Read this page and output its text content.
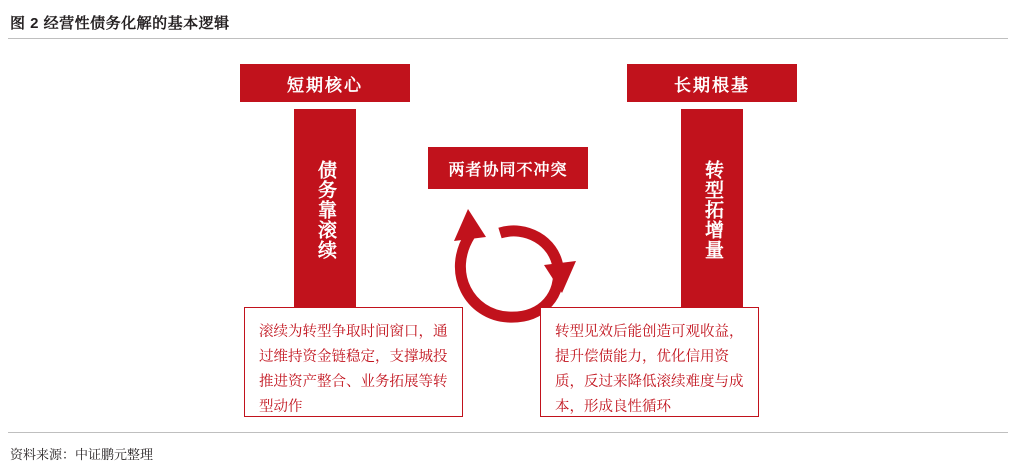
图 2 经营性债务化解的基本逻辑
短期核心	长期根基
债务靠滚续	转型拓增量
两者协同不冲突

滚续为转型争取时间窗口，通过维持资金链稳定，支撑城投推进资产整合、业务拓展等转型动作

转型见效后能创造可观收益，提升偿债能力，优化信用资质，反过来降低滚续难度与成本，形成良性循环

资料来源：中证鹏元整理
